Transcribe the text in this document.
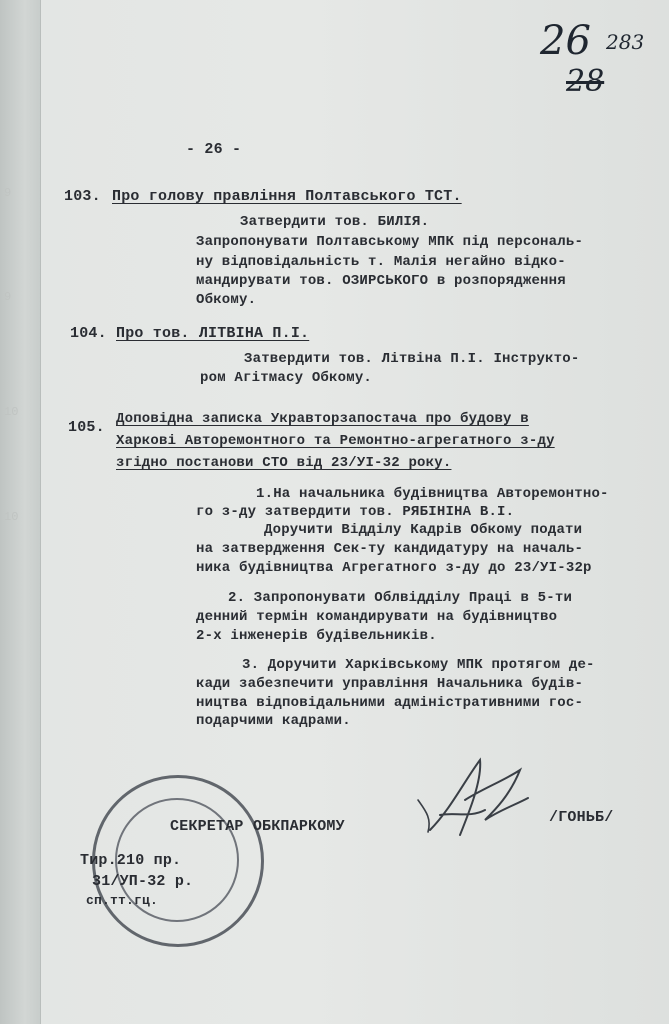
9
9
10
10
26 283
28
- 26 -
103. Про голову правління Полтавського ТСТ.
Затвердити тов. БИЛІЯ.
Запропонувати Полтавському МПК під персональ-
ну відповідальність т. Малія негайно відко-
мандирувати тов. ОЗИРСЬКОГО в розпорядження
Обкому.
104. Про тов. ЛІТВІНА П.І.
Затвердити тов. Літвіна П.І. Інструкто-
ром Агітмасу Обкому.
105. Доповідна записка Укравторзапостача про будову в
Харкові Авторемонтного та Ремонтно-агрегатного з-ду
згідно постанови СТО від 23/УІ-32 року.
1.На начальника будівництва Авторемонтно-
го з-ду затвердити тов. РЯБІНІНА В.І.
Доручити Відділу Кадрів Обкому подати
на затвердження Сек-ту кандидатуру на началь-
ника будівництва Агрегатного з-ду до 23/УІ-32р
2. Запропонувати Облвідділу Праці в 5-ти
денний термін командирувати на будівництво
2-х інженерів будівельників.
3. Доручити Харківському МПК протягом де-
кади забезпечити управління Начальника будів-
ництва відповідальними адміністративними гос-
подарчими кадрами.
СЕКРЕТАР ОБКПАРКОМУ
/ГОНЬБ/
Тир.210 пр.
31/УП-32 р.
сп.тт.гц.
